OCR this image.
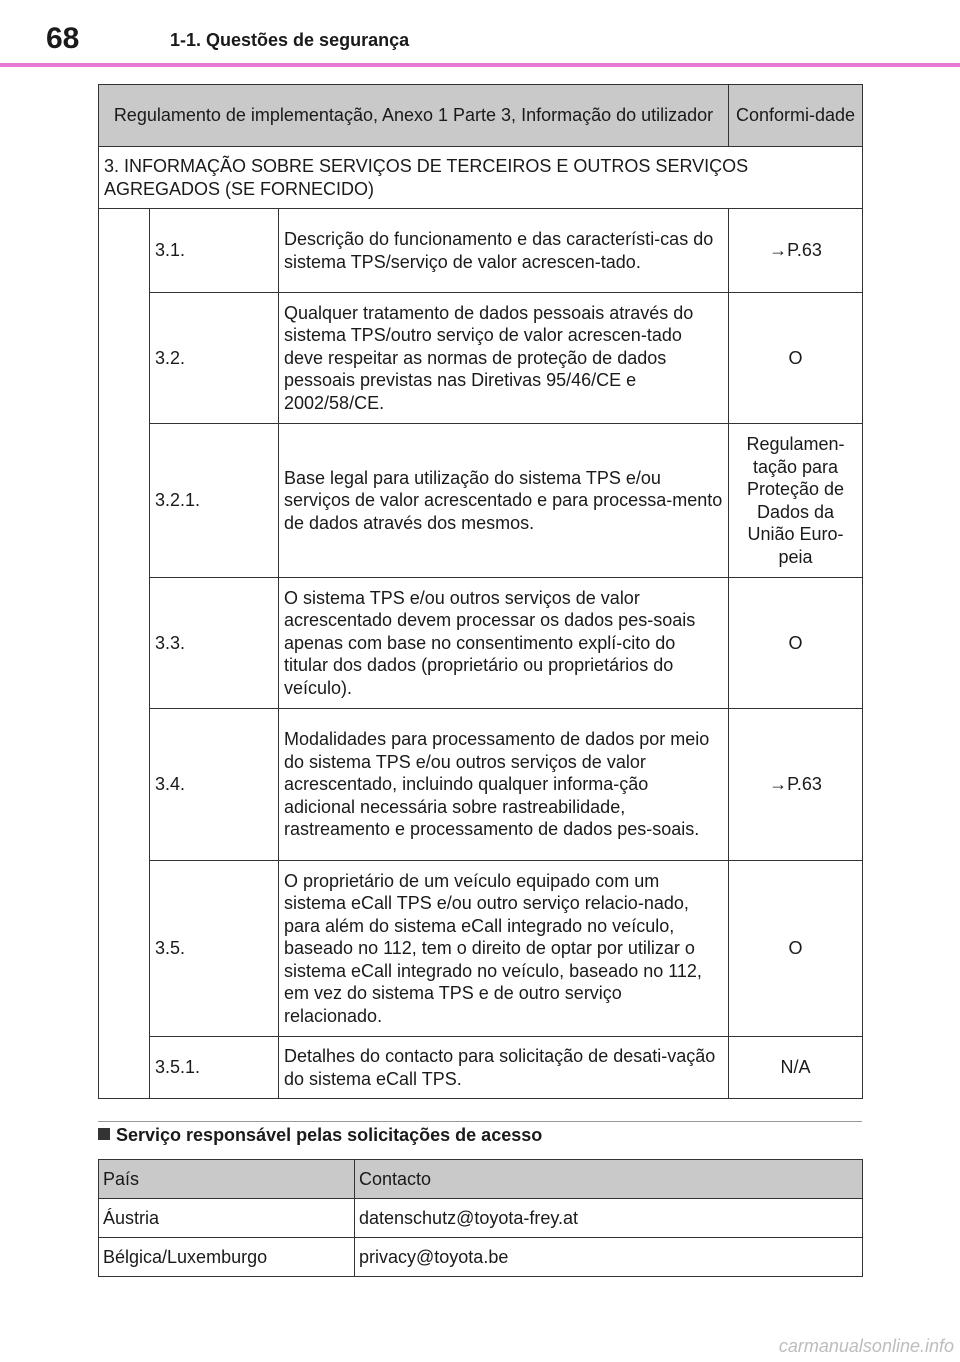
68	1-1. Questões de segurança
Regulamento de implementação, Anexo 1 Parte 3, Informação do utilizador			Conformi-dade
3. INFORMAÇÃO SOBRE SERVIÇOS DE TERCEIROS E OUTROS SERVIÇOS AGREGADOS (SE FORNECIDO)			
	3.1.	Descrição do funcionamento e das característi-cas do sistema TPS/serviço de valor acrescen-tado.	→P.63
	3.2.	Qualquer tratamento de dados pessoais através do sistema TPS/outro serviço de valor acrescen-tado deve respeitar as normas de proteção de dados pessoais previstas nas Diretivas 95/46/CE e 2002/58/CE.	O
	3.2.1.	Base legal para utilização do sistema TPS e/ou serviços de valor acrescentado e para processa-mento de dados através dos mesmos.	Regulamen-tação para Proteção de Dados da União Euro-peia
	3.3.	O sistema TPS e/ou outros serviços de valor acrescentado devem processar os dados pes-soais apenas com base no consentimento explí-cito do titular dos dados (proprietário ou proprietários do veículo).	O
	3.4.	Modalidades para processamento de dados por meio do sistema TPS e/ou outros serviços de valor acrescentado, incluindo qualquer informa-ção adicional necessária sobre rastreabilidade, rastreamento e processamento de dados pes-soais.	→P.63
	3.5.	O proprietário de um veículo equipado com um sistema eCall TPS e/ou outro serviço relacio-nado, para além do sistema eCall integrado no veículo, baseado no 112, tem o direito de optar por utilizar o sistema eCall integrado no veículo, baseado no 112, em vez do sistema TPS e de outro serviço relacionado.	O
	3.5.1.	Detalhes do contacto para solicitação de desati-vação do sistema eCall TPS.	N/A
Serviço responsável pelas solicitações de acesso
País	Contacto
Áustria	datenschutz@toyota-frey.at
Bélgica/Luxemburgo	privacy@toyota.be
carmanualsonline.info
